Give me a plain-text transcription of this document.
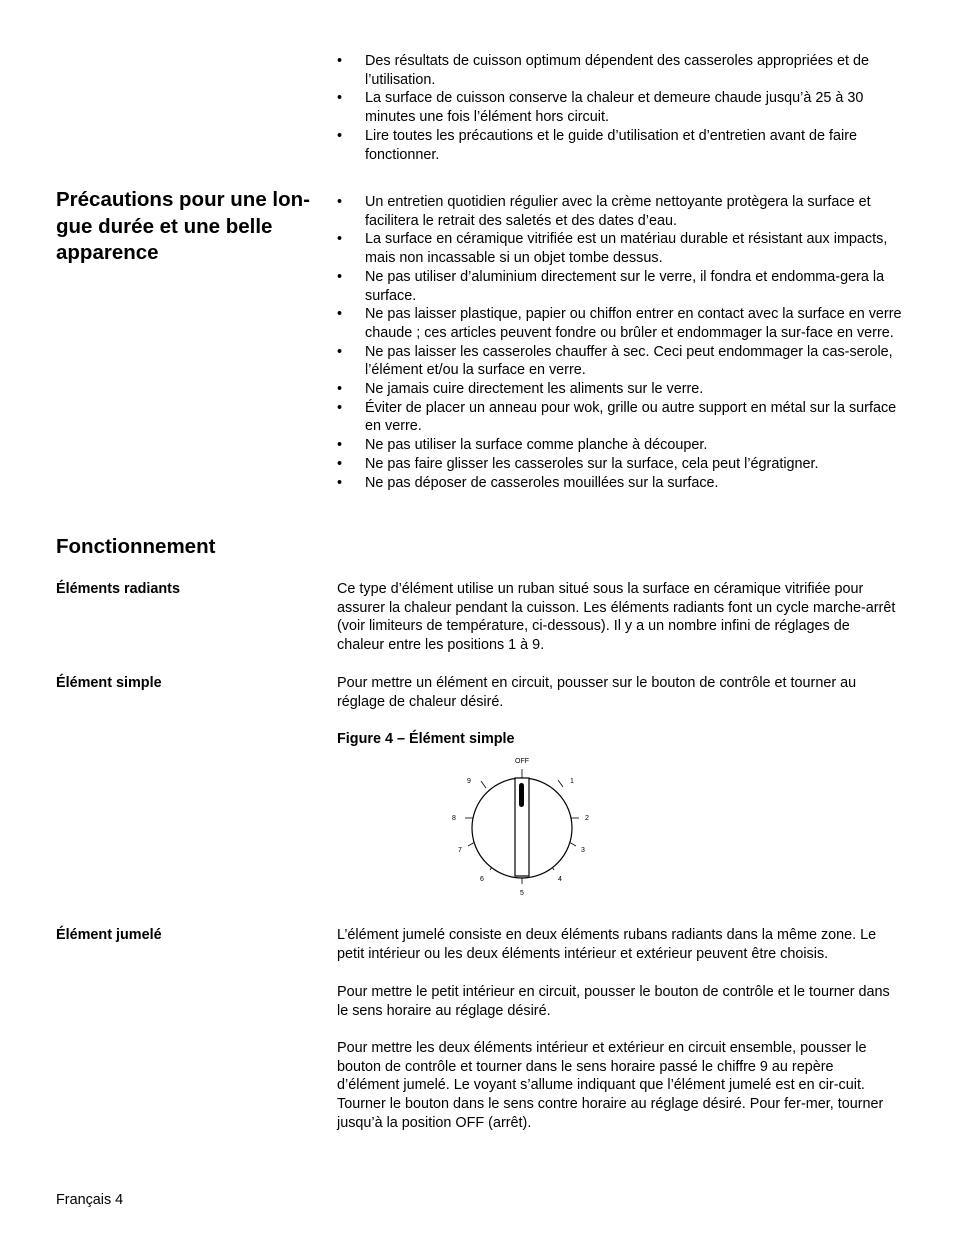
• Des résultats de cuisson optimum dépendent des casseroles appropriées et de l’utilisation.
• La surface de cuisson conserve la chaleur et demeure chaude jusqu’à 25 à 30 minutes une fois l’élément hors circuit.
• Lire toutes les précautions et le guide d’utilisation et d’entretien avant de faire fonctionner.
Précautions pour une lon-gue durée et une belle apparence
• Un entretien quotidien régulier avec la crème nettoyante protègera la surface et facilitera le retrait des saletés et des dates d’eau.
• La surface en céramique vitrifiée est un matériau durable et résistant aux impacts, mais non incassable si un objet tombe dessus.
• Ne pas utiliser d’aluminium directement sur le verre, il fondra et endomma-gera la surface.
• Ne pas laisser plastique, papier ou chiffon entrer en contact avec la surface en verre chaude ; ces articles peuvent fondre ou brûler et endommager la sur-face en verre.
• Ne pas laisser les casseroles chauffer à sec. Ceci peut endommager la cas-serole, l’élément et/ou la surface en verre.
• Ne jamais cuire directement les aliments sur le verre.
• Éviter de placer un anneau pour wok, grille ou autre support en métal sur la surface en verre.
• Ne pas utiliser la surface comme planche à découper.
• Ne pas faire glisser les casseroles sur la surface, cela peut l’égratigner.
• Ne pas déposer de casseroles mouillées sur la surface.
Fonctionnement
Éléments radiants	Ce type d’élément utilise un ruban situé sous la surface en céramique vitrifiée pour assurer la chaleur pendant la cuisson. Les éléments radiants font un cycle marche-arrêt (voir limiteurs de température, ci-dessous). Il y a un nombre infini de réglages de chaleur entre les positions 1 à 9.
Élément simple	Pour mettre un élément en circuit, pousser sur le bouton de contrôle et tourner au réglage de chaleur désiré.
Figure 4 – Élément simple
OFF
1
2
3
4
5
6
7
8
9
Élément jumelé	L’élément jumelé consiste en deux éléments rubans radiants dans la même zone. Le petit intérieur ou les deux éléments intérieur et extérieur peuvent être choisis.
Pour mettre le petit intérieur en circuit, pousser le bouton de contrôle et le tourner dans le sens horaire au réglage désiré.
Pour mettre les deux éléments intérieur et extérieur en circuit ensemble, pousser le bouton de contrôle et tourner dans le sens horaire passé le chiffre 9 au repère d’élément jumelé. Le voyant s’allume indiquant que l’élément jumelé est en cir-cuit. Tourner le bouton dans le sens contre horaire au réglage désiré. Pour fer-mer, tourner jusqu’à la position OFF (arrêt).
Français 4
